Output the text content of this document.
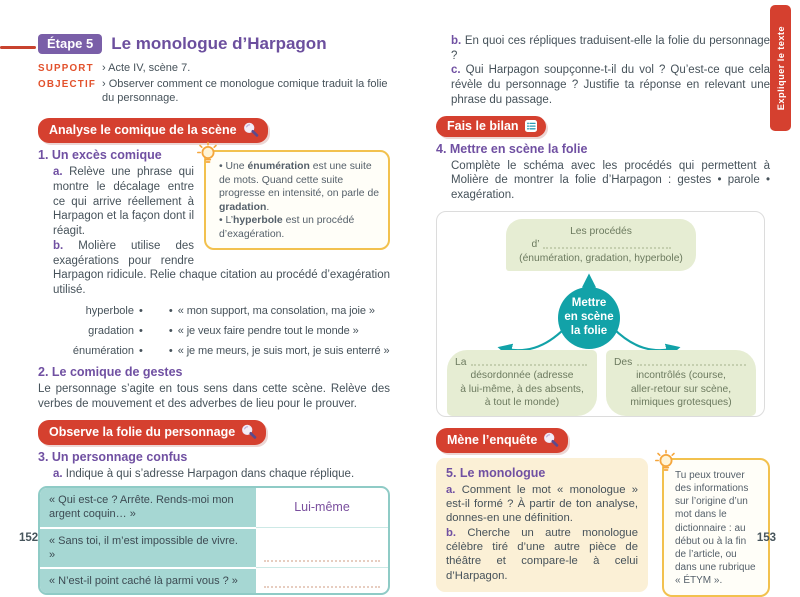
Étape 5	Le monologue d’Harpagon
SUPPORT › Acte IV, scène 7.
OBJECTIF › Observer comment ce monologue comique traduit la folie du personnage.
Analyse le comique de la scène

• Une énumération est une suite de mots. Quand cette suite progresse en intensité, on parle de gradation.

• L’hyperbole est un procédé d’exagération.

1. Un excès comique

a. Relève une phrase qui montre le décalage entre ce qui arrive réellement à Harpagon et la façon dont il réagit.

b. Molière utilise des exagérations pour rendre Harpagon ridicule. Relie chaque citation au procédé d’exagération utilisé.

hyperbole • • « mon support, ma consolation, ma joie »
gradation • • « je veux faire pendre tout le monde »
énumération • • « je me meurs, je suis mort, je suis enterré »
2. Le comique de gestes

Le personnage s’agite en tous sens dans cette scène. Relève des verbes de mouvement et des adverbes de lieu pour le prouver.

Observe la folie du personnage
3. Un personnage confus

a. Indique à qui s’adresse Harpagon dans chaque réplique.

« Qui est-ce ? Arrête. Rends-moi mon argent coquin… »	Lui-même
« Sans toi, il m’est impossible de vivre. »
« N’est-il point caché là parmi vous ? »
152

b. En quoi ces répliques traduisent-elle la folie du personnage ?

c. Qui Harpagon soupçonne-t-il du vol ? Qu’est-ce que cela révèle du personnage ? Justifie ta réponse en relevant une phrase du passage.

Fais le bilan
4. Mettre en scène la folie

Complète le schéma avec les procédés qui permettent à Molière de montrer la folie d’Harpagon : gestes • parole • exagération.

Les procédés
d’
(énumération, gradation, hyperbole)
Mettre
en scène
la folie
La
désordonnée (adresse
à lui-même, à des absents,
à tout le monde)
Des
incontrôlés (course,
aller-retour sur scène,
mimiques grotesques)
Mène l’enquête
5. Le monologue

a. Comment le mot « monologue » est-il formé ? À partir de ton analyse, donnes-en une définition.

b. Cherche un autre monologue célèbre tiré d’une autre pièce de théâtre et compare-le à celui d’Harpagon.

Tu peux trouver des informations sur l’origine d’un mot dans le dictionnaire : au début ou à la fin de l’article, ou dans une rubrique « ÉTYM ».
153
Expliquer le texte
